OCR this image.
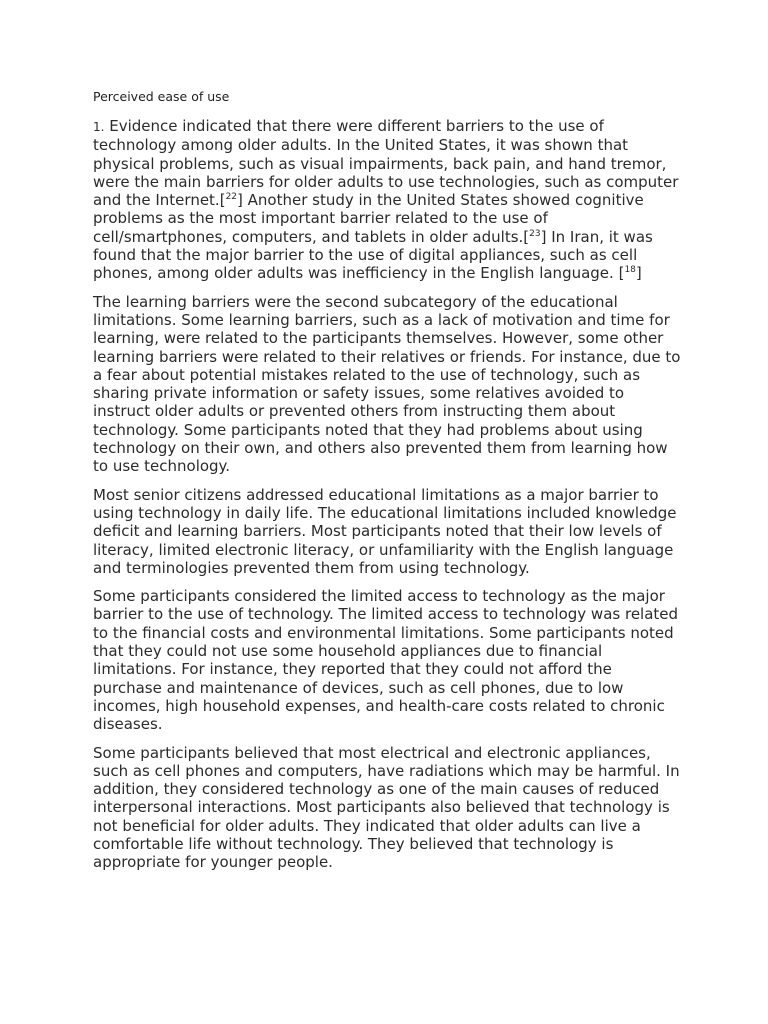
Perceived ease of use

1. Evidence indicated that there were different barriers to the use of technology among older adults. In the United States, it was shown that physical problems, such as visual impairments, back pain, and hand tremor, were the main barriers for older adults to use technologies, such as computer and the Internet.[$^{22}$] Another study in the United States showed cognitive problems as the most important barrier related to the use of cell/smartphones, computers, and tablets in older adults.[$^{23}$] In Iran, it was found that the major barrier to the use of digital appliances, such as cell phones, among older adults was inefficiency in the English language. [$^{18}$]

The learning barriers were the second subcategory of the educational limitations. Some learning barriers, such as a lack of motivation and time for learning, were related to the participants themselves. However, some other learning barriers were related to their relatives or friends. For instance, due to a fear about potential mistakes related to the use of technology, such as sharing private information or safety issues, some relatives avoided to instruct older adults or prevented others from instructing them about technology. Some participants noted that they had problems about using technology on their own, and others also prevented them from learning how to use technology.

Most senior citizens addressed educational limitations as a major barrier to using technology in daily life. The educational limitations included knowledge deficit and learning barriers. Most participants noted that their low levels of literacy, limited electronic literacy, or unfamiliarity with the English language and terminologies prevented them from using technology.

Some participants considered the limited access to technology as the major barrier to the use of technology. The limited access to technology was related to the financial costs and environmental limitations. Some participants noted that they could not use some household appliances due to financial limitations. For instance, they reported that they could not afford the purchase and maintenance of devices, such as cell phones, due to low incomes, high household expenses, and health-care costs related to chronic diseases.

Some participants believed that most electrical and electronic appliances, such as cell phones and computers, have radiations which may be harmful. In addition, they considered technology as one of the main causes of reduced interpersonal interactions. Most participants also believed that technology is not beneficial for older adults. They indicated that older adults can live a comfortable life without technology. They believed that technology is appropriate for younger people.
